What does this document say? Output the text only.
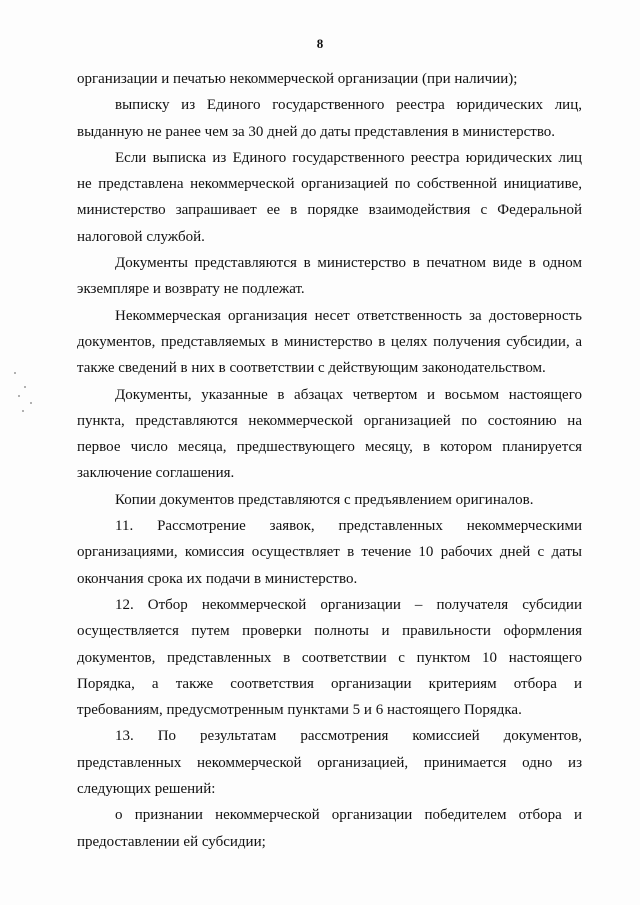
8
организации и печатью некоммерческой организации (при наличии);
выписку из Единого государственного реестра юридических лиц,
выданную не ранее чем за 30 дней до даты представления в министерство.
Если выписка из Единого государственного реестра юридических лиц
не представлена некоммерческой организацией по собственной инициативе,
министерство запрашивает ее в порядке взаимодействия с Федеральной
налоговой службой.
Документы представляются в министерство в печатном виде в одном
экземпляре и возврату не подлежат.
Некоммерческая организация несет ответственность за достоверность
документов, представляемых в министерство в целях получения субсидии, а
также сведений в них в соответствии с действующим законодательством.
Документы, указанные в абзацах четвертом и восьмом настоящего
пункта, представляются некоммерческой организацией по состоянию на
первое число месяца, предшествующего месяцу, в котором планируется
заключение соглашения.
Копии документов представляются с предъявлением оригиналов.
11. Рассмотрение заявок, представленных некоммерческими
организациями, комиссия осуществляет в течение 10 рабочих дней с даты
окончания срока их подачи в министерство.
12. Отбор некоммерческой организации – получателя субсидии
осуществляется путем проверки полноты и правильности оформления
документов, представленных в соответствии с пунктом 10 настоящего
Порядка, а также соответствия организации критериям отбора и
требованиям, предусмотренным пунктами 5 и 6 настоящего Порядка.
13. По результатам рассмотрения комиссией документов,
представленных некоммерческой организацией, принимается одно из
следующих решений:
о признании некоммерческой организации победителем отбора и
предоставлении ей субсидии;
